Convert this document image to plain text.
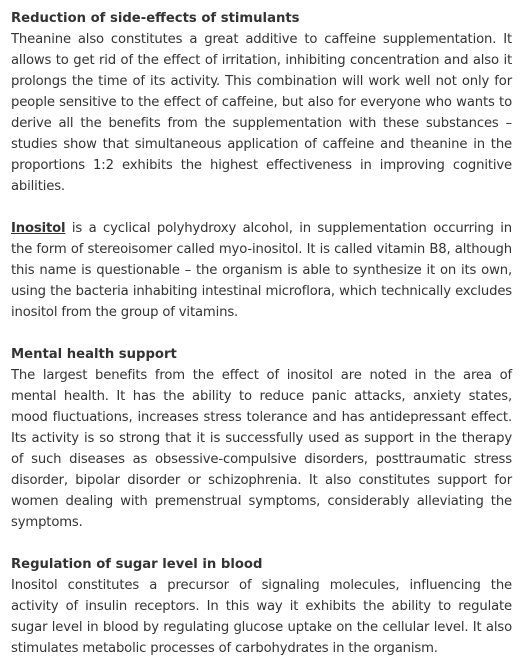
Reduction of side-effects of stimulants

Theanine also constitutes a great additive to caffeine supplementation. It allows to get rid of the effect of irritation, inhibiting concentration and also it prolongs the time of its activity. This combination will work well not only for people sensitive to the effect of caffeine, but also for everyone who wants to derive all the benefits from the supplementation with these substances – studies show that simultaneous application of caffeine and theanine in the proportions 1:2 exhibits the highest effectiveness in improving cognitive abilities.

Inositol is a cyclical polyhydroxy alcohol, in supplementation occurring in the form of stereoisomer called myo-inositol. It is called vitamin B8, although this name is questionable – the organism is able to synthesize it on its own, using the bacteria inhabiting intestinal microflora, which technically excludes inositol from the group of vitamins.

Mental health support

The largest benefits from the effect of inositol are noted in the area of mental health. It has the ability to reduce panic attacks, anxiety states, mood fluctuations, increases stress tolerance and has antidepressant effect. Its activity is so strong that it is successfully used as support in the therapy of such diseases as obsessive-compulsive disorders, posttraumatic stress disorder, bipolar disorder or schizophrenia. It also constitutes support for women dealing with premenstrual symptoms, considerably alleviating the symptoms.

Regulation of sugar level in blood

Inositol constitutes a precursor of signaling molecules, influencing the activity of insulin receptors. In this way it exhibits the ability to regulate sugar level in blood by regulating glucose uptake on the cellular level. It also stimulates metabolic processes of carbohydrates in the organism.
